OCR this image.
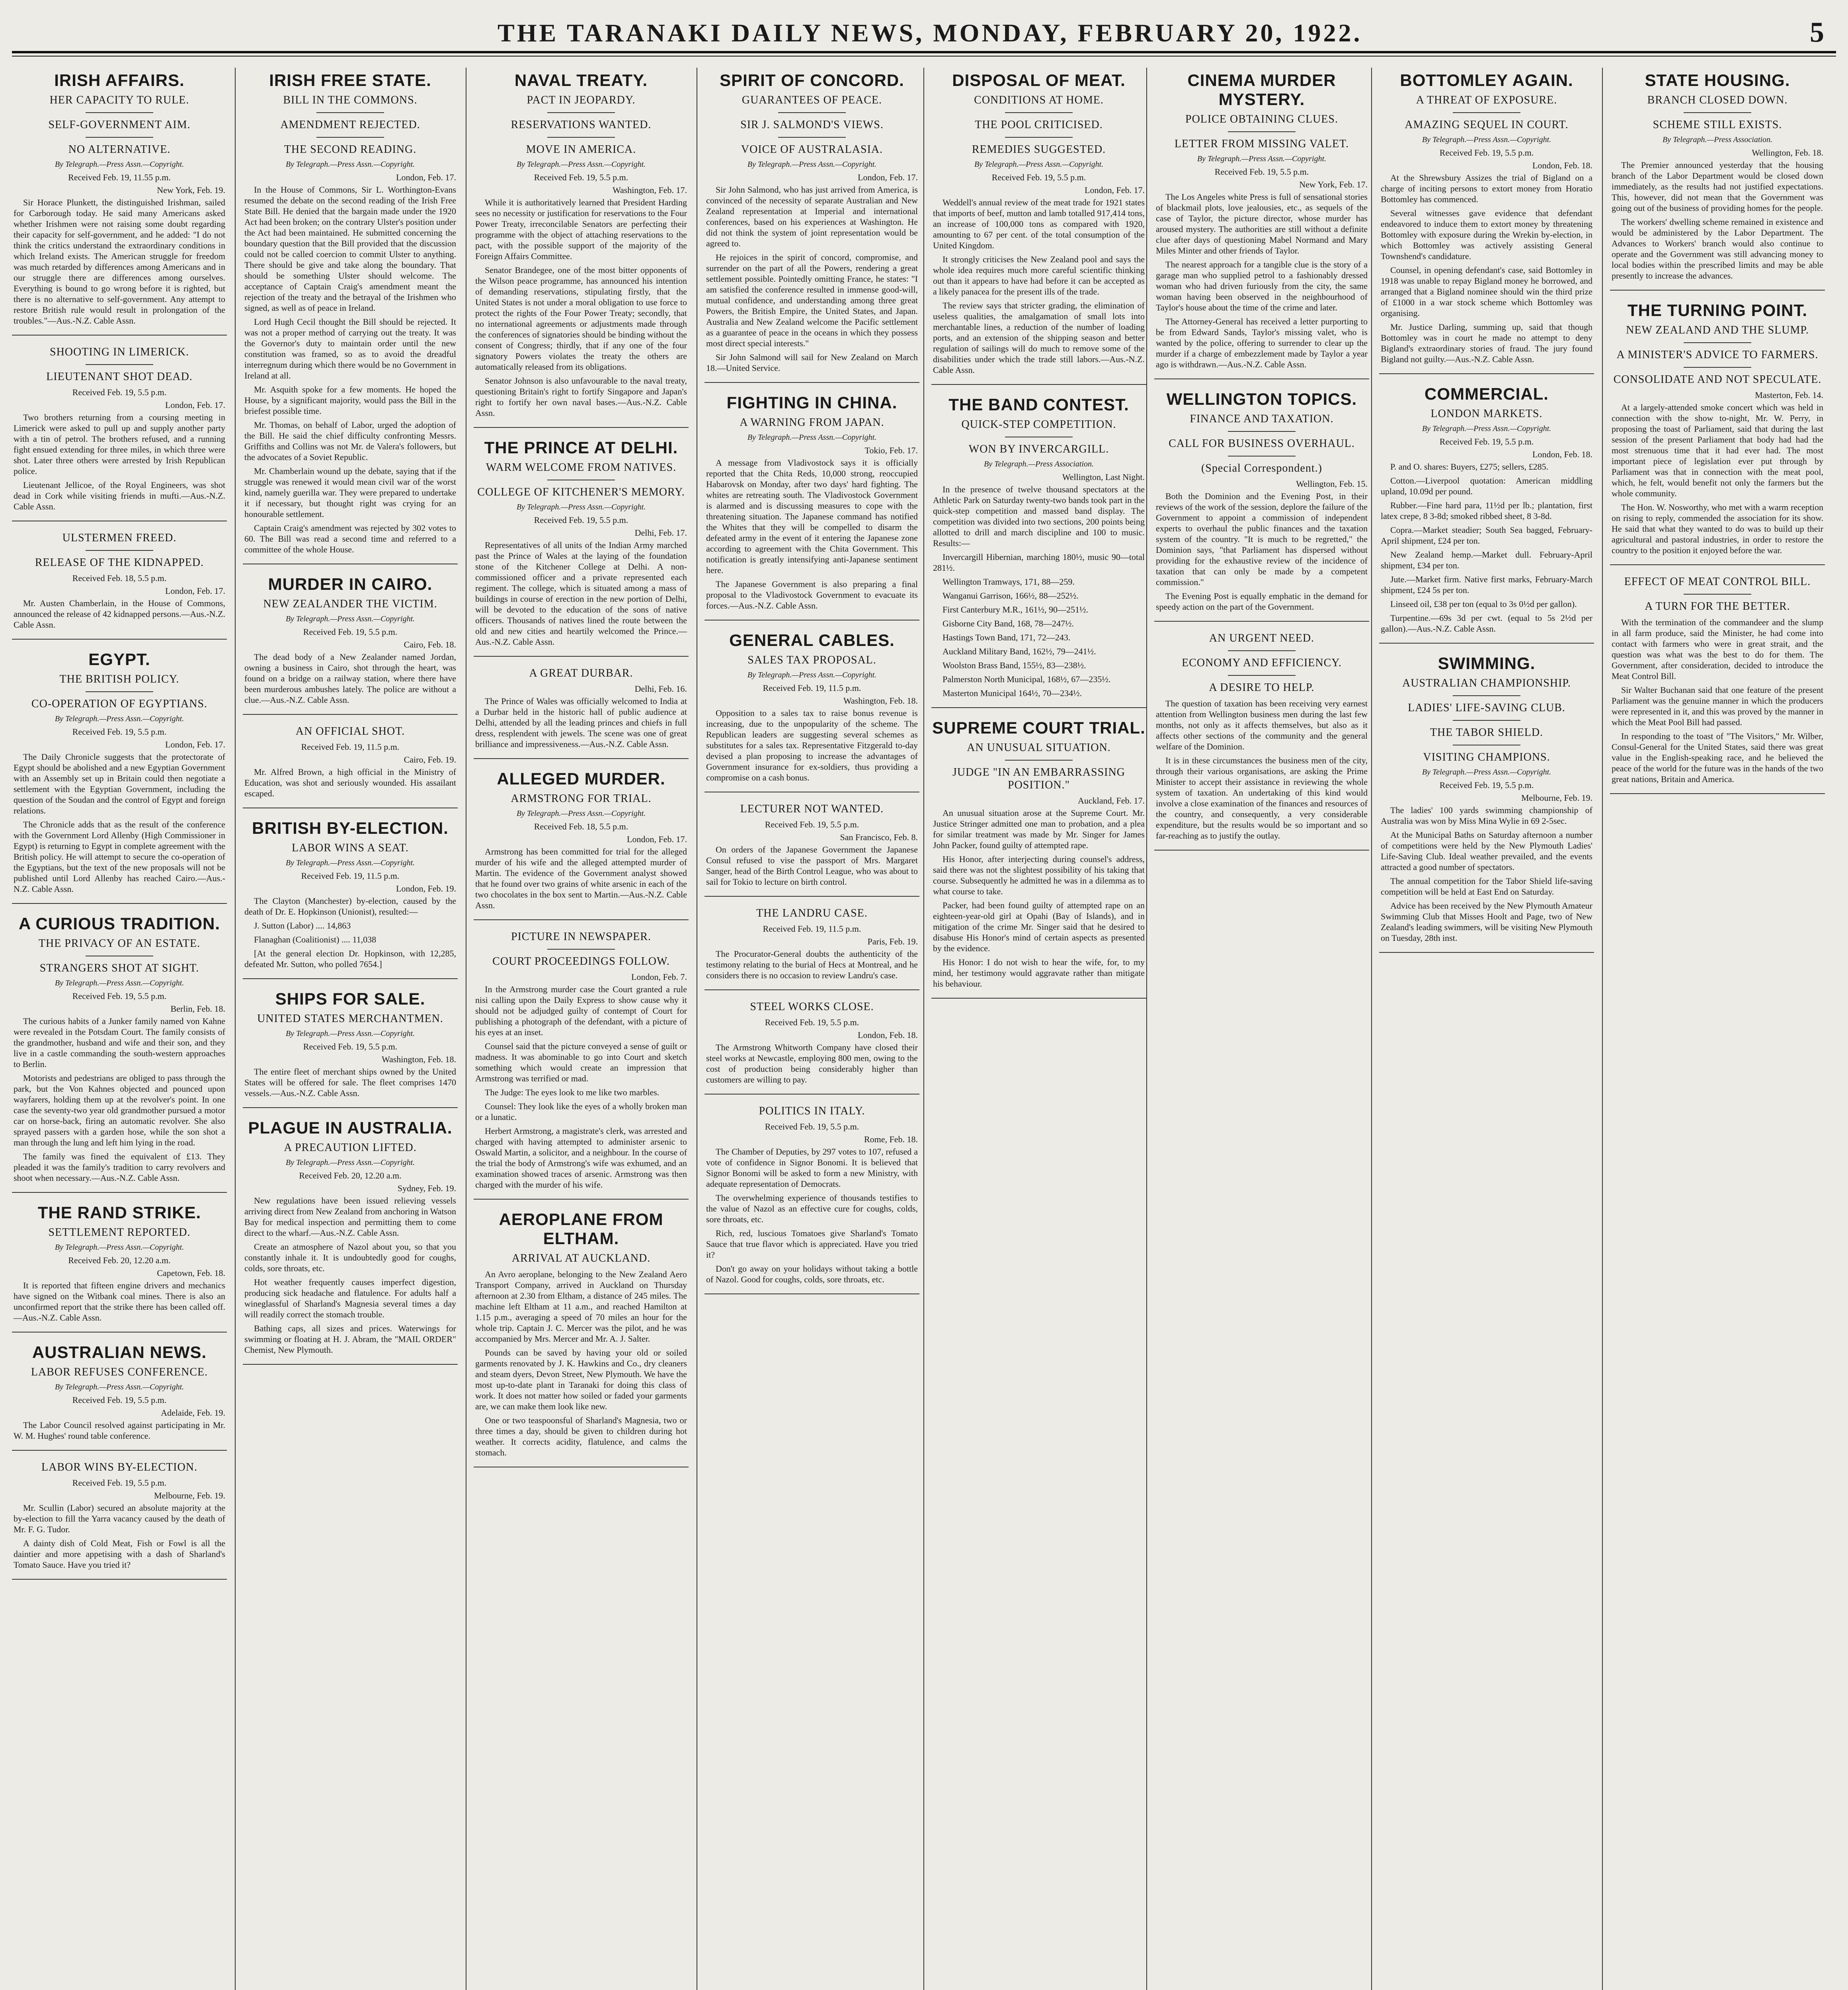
THE TARANAKI DAILY NEWS, MONDAY, FEBRUARY 20, 1922.	5
IRISH AFFAIRS.
HER CAPACITY TO RULE.
SELF-GOVERNMENT AIM.
NO ALTERNATIVE.
By Telegraph.—Press Assn.—Copyright.
Received Feb. 19, 11.55 p.m.
New York, Feb. 19.

Sir Horace Plunkett, the distinguished Irishman, sailed for Carborough today. He said many Americans asked whether Irishmen were not raising some doubt regarding their capacity for self-government, and he added: "I do not think the critics understand the extraordinary conditions in which Ireland exists. The American struggle for freedom was much retarded by differences among Americans and in our struggle there are differences among ourselves. Everything is bound to go wrong before it is righted, but there is no alternative to self-government. Any attempt to restore British rule would result in prolongation of the troubles."—Aus.-N.Z. Cable Assn.

SHOOTING IN LIMERICK.
LIEUTENANT SHOT DEAD.
Received Feb. 19, 5.5 p.m.
London, Feb. 17.

Two brothers returning from a coursing meeting in Limerick were asked to pull up and supply another party with a tin of petrol. The brothers refused, and a running fight ensued extending for three miles, in which three were shot. Later three others were arrested by Irish Republican police.

Lieutenant Jellicoe, of the Royal Engineers, was shot dead in Cork while visiting friends in mufti.—Aus.-N.Z. Cable Assn.

ULSTERMEN FREED.
RELEASE OF THE KIDNAPPED.
Received Feb. 18, 5.5 p.m.
London, Feb. 17.

Mr. Austen Chamberlain, in the House of Commons, announced the release of 42 kidnapped persons.—Aus.-N.Z. Cable Assn.

EGYPT.
THE BRITISH POLICY.
CO-OPERATION OF EGYPTIANS.
By Telegraph.—Press Assn.—Copyright.
Received Feb. 19, 5.5 p.m.
London, Feb. 17.

The Daily Chronicle suggests that the protectorate of Egypt should be abolished and a new Egyptian Government with an Assembly set up in Britain could then negotiate a settlement with the Egyptian Government, including the question of the Soudan and the control of Egypt and foreign relations.

The Chronicle adds that as the result of the conference with the Government Lord Allenby (High Commissioner in Egypt) is returning to Egypt in complete agreement with the British policy. He will attempt to secure the co-operation of the Egyptians, but the text of the new proposals will not be published until Lord Allenby has reached Cairo.—Aus.-N.Z. Cable Assn.

A CURIOUS TRADITION.
THE PRIVACY OF AN ESTATE.
STRANGERS SHOT AT SIGHT.
By Telegraph.—Press Assn.—Copyright.
Received Feb. 19, 5.5 p.m.
Berlin, Feb. 18.

The curious habits of a Junker family named von Kahne were revealed in the Potsdam Court. The family consists of the grandmother, husband and wife and their son, and they live in a castle commanding the south-western approaches to Berlin.

Motorists and pedestrians are obliged to pass through the park, but the Von Kahnes objected and pounced upon wayfarers, holding them up at the revolver's point. In one case the seventy-two year old grandmother pursued a motor car on horse-back, firing an automatic revolver. She also sprayed passers with a garden hose, while the son shot a man through the lung and left him lying in the road.

The family was fined the equivalent of £13. They pleaded it was the family's tradition to carry revolvers and shoot when necessary.—Aus.-N.Z. Cable Assn.

THE RAND STRIKE.
SETTLEMENT REPORTED.
By Telegraph.—Press Assn.—Copyright.
Received Feb. 20, 12.20 a.m.
Capetown, Feb. 18.

It is reported that fifteen engine drivers and mechanics have signed on the Witbank coal mines. There is also an unconfirmed report that the strike there has been called off.—Aus.-N.Z. Cable Assn.

AUSTRALIAN NEWS.
LABOR REFUSES CONFERENCE.
By Telegraph.—Press Assn.—Copyright.
Received Feb. 19, 5.5 p.m.
Adelaide, Feb. 19.

The Labor Council resolved against participating in Mr. W. M. Hughes' round table conference.

LABOR WINS BY-ELECTION.
Received Feb. 19, 5.5 p.m.
Melbourne, Feb. 19.

Mr. Scullin (Labor) secured an absolute majority at the by-election to fill the Yarra vacancy caused by the death of Mr. F. G. Tudor.

A dainty dish of Cold Meat, Fish or Fowl is all the daintier and more appetising with a dash of Sharland's Tomato Sauce. Have you tried it?

IRISH FREE STATE.
BILL IN THE COMMONS.
AMENDMENT REJECTED.
THE SECOND READING.
By Telegraph.—Press Assn.—Copyright.
London, Feb. 17.

In the House of Commons, Sir L. Worthington-Evans resumed the debate on the second reading of the Irish Free State Bill. He denied that the bargain made under the 1920 Act had been broken; on the contrary Ulster's position under the Act had been maintained. He submitted concerning the boundary question that the Bill provided that the discussion could not be called coercion to commit Ulster to anything. There should be give and take along the boundary. That should be something Ulster should welcome. The acceptance of Captain Craig's amendment meant the rejection of the treaty and the betrayal of the Irishmen who signed, as well as of peace in Ireland.

Lord Hugh Cecil thought the Bill should be rejected. It was not a proper method of carrying out the treaty. It was the Governor's duty to maintain order until the new constitution was framed, so as to avoid the dreadful interregnum during which there would be no Government in Ireland at all.

Mr. Asquith spoke for a few moments. He hoped the House, by a significant majority, would pass the Bill in the briefest possible time.

Mr. Thomas, on behalf of Labor, urged the adoption of the Bill. He said the chief difficulty confronting Messrs. Griffiths and Collins was not Mr. de Valera's followers, but the advocates of a Soviet Republic.

Mr. Chamberlain wound up the debate, saying that if the struggle was renewed it would mean civil war of the worst kind, namely guerilla war. They were prepared to undertake it if necessary, but thought right was crying for an honourable settlement.

Captain Craig's amendment was rejected by 302 votes to 60. The Bill was read a second time and referred to a committee of the whole House.

MURDER IN CAIRO.
NEW ZEALANDER THE VICTIM.
By Telegraph.—Press Assn.—Copyright.
Received Feb. 19, 5.5 p.m.
Cairo, Feb. 18.

The dead body of a New Zealander named Jordan, owning a business in Cairo, shot through the heart, was found on a bridge on a railway station, where there have been murderous ambushes lately. The police are without a clue.—Aus.-N.Z. Cable Assn.

AN OFFICIAL SHOT.
Received Feb. 19, 11.5 p.m.
Cairo, Feb. 19.

Mr. Alfred Brown, a high official in the Ministry of Education, was shot and seriously wounded. His assailant escaped.

BRITISH BY-ELECTION.
LABOR WINS A SEAT.
By Telegraph.—Press Assn.—Copyright.
Received Feb. 19, 11.5 p.m.
London, Feb. 19.

The Clayton (Manchester) by-election, caused by the death of Dr. E. Hopkinson (Unionist), resulted:—

J. Sutton (Labor) .... 14,863

Flanaghan (Coalitionist) .... 11,038

[At the general election Dr. Hopkinson, with 12,285, defeated Mr. Sutton, who polled 7654.]

SHIPS FOR SALE.
UNITED STATES MERCHANTMEN.
By Telegraph.—Press Assn.—Copyright.
Received Feb. 19, 5.5 p.m.
Washington, Feb. 18.

The entire fleet of merchant ships owned by the United States will be offered for sale. The fleet comprises 1470 vessels.—Aus.-N.Z. Cable Assn.

PLAGUE IN AUSTRALIA.
A PRECAUTION LIFTED.
By Telegraph.—Press Assn.—Copyright.
Received Feb. 20, 12.20 a.m.
Sydney, Feb. 19.

New regulations have been issued relieving vessels arriving direct from New Zealand from anchoring in Watson Bay for medical inspection and permitting them to come direct to the wharf.—Aus.-N.Z. Cable Assn.

Create an atmosphere of Nazol about you, so that you constantly inhale it. It is undoubtedly good for coughs, colds, sore throats, etc.

Hot weather frequently causes imperfect digestion, producing sick headache and flatulence. For adults half a wineglassful of Sharland's Magnesia several times a day will readily correct the stomach trouble.

Bathing caps, all sizes and prices. Waterwings for swimming or floating at H. J. Abram, the "MAIL ORDER" Chemist, New Plymouth.

NAVAL TREATY.
PACT IN JEOPARDY.
RESERVATIONS WANTED.
MOVE IN AMERICA.
By Telegraph.—Press Assn.—Copyright.
Received Feb. 19, 5.5 p.m.
Washington, Feb. 17.

While it is authoritatively learned that President Harding sees no necessity or justification for reservations to the Four Power Treaty, irreconcilable Senators are perfecting their programme with the object of attaching reservations to the pact, with the possible support of the majority of the Foreign Affairs Committee.

Senator Brandegee, one of the most bitter opponents of the Wilson peace programme, has announced his intention of demanding reservations, stipulating firstly, that the United States is not under a moral obligation to use force to protect the rights of the Four Power Treaty; secondly, that no international agreements or adjustments made through the conferences of signatories should be binding without the consent of Congress; thirdly, that if any one of the four signatory Powers violates the treaty the others are automatically released from its obligations.

Senator Johnson is also unfavourable to the naval treaty, questioning Britain's right to fortify Singapore and Japan's right to fortify her own naval bases.—Aus.-N.Z. Cable Assn.

THE PRINCE AT DELHI.
WARM WELCOME FROM NATIVES.
COLLEGE OF KITCHENER'S MEMORY.
By Telegraph.—Press Assn.—Copyright.
Received Feb. 19, 5.5 p.m.
Delhi, Feb. 17.

Representatives of all units of the Indian Army marched past the Prince of Wales at the laying of the foundation stone of the Kitchener College at Delhi. A non-commissioned officer and a private represented each regiment. The college, which is situated among a mass of buildings in course of erection in the new portion of Delhi, will be devoted to the education of the sons of native officers. Thousands of natives lined the route between the old and new cities and heartily welcomed the Prince.—Aus.-N.Z. Cable Assn.

A GREAT DURBAR.
Delhi, Feb. 16.

The Prince of Wales was officially welcomed to India at a Durbar held in the historic hall of public audience at Delhi, attended by all the leading princes and chiefs in full dress, resplendent with jewels. The scene was one of great brilliance and impressiveness.—Aus.-N.Z. Cable Assn.

ALLEGED MURDER.
ARMSTRONG FOR TRIAL.
By Telegraph.—Press Assn.—Copyright.
Received Feb. 18, 5.5 p.m.
London, Feb. 17.

Armstrong has been committed for trial for the alleged murder of his wife and the alleged attempted murder of Martin. The evidence of the Government analyst showed that he found over two grains of white arsenic in each of the two chocolates in the box sent to Martin.—Aus.-N.Z. Cable Assn.

PICTURE IN NEWSPAPER.
COURT PROCEEDINGS FOLLOW.
London, Feb. 7.

In the Armstrong murder case the Court granted a rule nisi calling upon the Daily Express to show cause why it should not be adjudged guilty of contempt of Court for publishing a photograph of the defendant, with a picture of his eyes at an inset.

Counsel said that the picture conveyed a sense of guilt or madness. It was abominable to go into Court and sketch something which would create an impression that Armstrong was terrified or mad.

The Judge: The eyes look to me like two marbles.

Counsel: They look like the eyes of a wholly broken man or a lunatic.

Herbert Armstrong, a magistrate's clerk, was arrested and charged with having attempted to administer arsenic to Oswald Martin, a solicitor, and a neighbour. In the course of the trial the body of Armstrong's wife was exhumed, and an examination showed traces of arsenic. Armstrong was then charged with the murder of his wife.

AEROPLANE FROM ELTHAM.
ARRIVAL AT AUCKLAND.

An Avro aeroplane, belonging to the New Zealand Aero Transport Company, arrived in Auckland on Thursday afternoon at 2.30 from Eltham, a distance of 245 miles. The machine left Eltham at 11 a.m., and reached Hamilton at 1.15 p.m., averaging a speed of 70 miles an hour for the whole trip. Captain J. C. Mercer was the pilot, and he was accompanied by Mrs. Mercer and Mr. A. J. Salter.

Pounds can be saved by having your old or soiled garments renovated by J. K. Hawkins and Co., dry cleaners and steam dyers, Devon Street, New Plymouth. We have the most up-to-date plant in Taranaki for doing this class of work. It does not matter how soiled or faded your garments are, we can make them look like new.

One or two teaspoonsful of Sharland's Magnesia, two or three times a day, should be given to children during hot weather. It corrects acidity, flatulence, and calms the stomach.

SPIRIT OF CONCORD.
GUARANTEES OF PEACE.
SIR J. SALMOND'S VIEWS.
VOICE OF AUSTRALASIA.
By Telegraph.—Press Assn.—Copyright.
London, Feb. 17.

Sir John Salmond, who has just arrived from America, is convinced of the necessity of separate Australian and New Zealand representation at Imperial and international conferences, based on his experiences at Washington. He did not think the system of joint representation would be agreed to.

He rejoices in the spirit of concord, compromise, and surrender on the part of all the Powers, rendering a great settlement possible. Pointedly omitting France, he states: "I am satisfied the conference resulted in immense good-will, mutual confidence, and understanding among three great Powers, the British Empire, the United States, and Japan. Australia and New Zealand welcome the Pacific settlement as a guarantee of peace in the oceans in which they possess most direct special interests."

Sir John Salmond will sail for New Zealand on March 18.—United Service.

FIGHTING IN CHINA.
A WARNING FROM JAPAN.
By Telegraph.—Press Assn.—Copyright.
Tokio, Feb. 17.

A message from Vladivostock says it is officially reported that the Chita Reds, 10,000 strong, reoccupied Habarovsk on Monday, after two days' hard fighting. The whites are retreating south. The Vladivostock Government is alarmed and is discussing measures to cope with the threatening situation. The Japanese command has notified the Whites that they will be compelled to disarm the defeated army in the event of it entering the Japanese zone according to agreement with the Chita Government. This notification is greatly intensifying anti-Japanese sentiment here.

The Japanese Government is also preparing a final proposal to the Vladivostock Government to evacuate its forces.—Aus.-N.Z. Cable Assn.

GENERAL CABLES.
SALES TAX PROPOSAL.
By Telegraph.—Press Assn.—Copyright.
Received Feb. 19, 11.5 p.m.
Washington, Feb. 18.

Opposition to a sales tax to raise bonus revenue is increasing, due to the unpopularity of the scheme. The Republican leaders are suggesting several schemes as substitutes for a sales tax. Representative Fitzgerald to-day devised a plan proposing to increase the advantages of Government insurance for ex-soldiers, thus providing a compromise on a cash bonus.

LECTURER NOT WANTED.
Received Feb. 19, 5.5 p.m.
San Francisco, Feb. 8.

On orders of the Japanese Government the Japanese Consul refused to vise the passport of Mrs. Margaret Sanger, head of the Birth Control League, who was about to sail for Tokio to lecture on birth control.

THE LANDRU CASE.
Received Feb. 19, 11.5 p.m.
Paris, Feb. 19.

The Procurator-General doubts the authenticity of the testimony relating to the burial of Hecs at Montreal, and he considers there is no occasion to review Landru's case.

STEEL WORKS CLOSE.
Received Feb. 19, 5.5 p.m.
London, Feb. 18.

The Armstrong Whitworth Company have closed their steel works at Newcastle, employing 800 men, owing to the cost of production being considerably higher than customers are willing to pay.

POLITICS IN ITALY.
Received Feb. 19, 5.5 p.m.
Rome, Feb. 18.

The Chamber of Deputies, by 297 votes to 107, refused a vote of confidence in Signor Bonomi. It is believed that Signor Bonomi will be asked to form a new Ministry, with adequate representation of Democrats.

The overwhelming experience of thousands testifies to the value of Nazol as an effective cure for coughs, colds, sore throats, etc.

Rich, red, luscious Tomatoes give Sharland's Tomato Sauce that true flavor which is appreciated. Have you tried it?

Don't go away on your holidays without taking a bottle of Nazol. Good for coughs, colds, sore throats, etc.

DISPOSAL OF MEAT.
CONDITIONS AT HOME.
THE POOL CRITICISED.
REMEDIES SUGGESTED.
By Telegraph.—Press Assn.—Copyright.
Received Feb. 19, 5.5 p.m.
London, Feb. 17.

Weddell's annual review of the meat trade for 1921 states that imports of beef, mutton and lamb totalled 917,414 tons, an increase of 100,000 tons as compared with 1920, amounting to 67 per cent. of the total consumption of the United Kingdom.

It strongly criticises the New Zealand pool and says the whole idea requires much more careful scientific thinking out than it appears to have had before it can be accepted as a likely panacea for the present ills of the trade.

The review says that stricter grading, the elimination of useless qualities, the amalgamation of small lots into merchantable lines, a reduction of the number of loading ports, and an extension of the shipping season and better regulation of sailings will do much to remove some of the disabilities under which the trade still labors.—Aus.-N.Z. Cable Assn.

THE BAND CONTEST.
QUICK-STEP COMPETITION.
WON BY INVERCARGILL.
By Telegraph.—Press Association.
Wellington, Last Night.

In the presence of twelve thousand spectators at the Athletic Park on Saturday twenty-two bands took part in the quick-step competition and massed band display. The competition was divided into two sections, 200 points being allotted to drill and march discipline and 100 to music. Results:—

Invercargill Hibernian, marching 180½, music 90—total 281½.

Wellington Tramways, 171, 88—259.

Wanganui Garrison, 166½, 88—252½.

First Canterbury M.R., 161½, 90—251½.

Gisborne City Band, 168, 78—247½.

Hastings Town Band, 171, 72—243.

Auckland Military Band, 162½, 79—241½.

Woolston Brass Band, 155½, 83—238½.

Palmerston North Municipal, 168½, 67—235½.

Masterton Municipal 164½, 70—234½.

SUPREME COURT TRIAL.
AN UNUSUAL SITUATION.
JUDGE "IN AN EMBARRASSING POSITION."
Auckland, Feb. 17.

An unusual situation arose at the Supreme Court. Mr. Justice Stringer admitted one man to probation, and a plea for similar treatment was made by Mr. Singer for James John Packer, found guilty of attempted rape.

His Honor, after interjecting during counsel's address, said there was not the slightest possibility of his taking that course. Subsequently he admitted he was in a dilemma as to what course to take.

Packer, had been found guilty of attempted rape on an eighteen-year-old girl at Opahi (Bay of Islands), and in mitigation of the crime Mr. Singer said that he desired to disabuse His Honor's mind of certain aspects as presented by the evidence.

His Honor: I do not wish to hear the wife, for, to my mind, her testimony would aggravate rather than mitigate his behaviour.

CINEMA MURDER MYSTERY.
POLICE OBTAINING CLUES.
LETTER FROM MISSING VALET.
By Telegraph.—Press Assn.—Copyright.
Received Feb. 19, 5.5 p.m.
New York, Feb. 17.

The Los Angeles white Press is full of sensational stories of blackmail plots, love jealousies, etc., as sequels of the case of Taylor, the picture director, whose murder has aroused mystery. The authorities are still without a definite clue after days of questioning Mabel Normand and Mary Miles Minter and other friends of Taylor.

The nearest approach for a tangible clue is the story of a garage man who supplied petrol to a fashionably dressed woman who had driven furiously from the city, the same woman having been observed in the neighbourhood of Taylor's house about the time of the crime and later.

The Attorney-General has received a letter purporting to be from Edward Sands, Taylor's missing valet, who is wanted by the police, offering to surrender to clear up the murder if a charge of embezzlement made by Taylor a year ago is withdrawn.—Aus.-N.Z. Cable Assn.

WELLINGTON TOPICS.
FINANCE AND TAXATION.
CALL FOR BUSINESS OVERHAUL.
(Special Correspondent.)
Wellington, Feb. 15.

Both the Dominion and the Evening Post, in their reviews of the work of the session, deplore the failure of the Government to appoint a commission of independent experts to overhaul the public finances and the taxation system of the country. "It is much to be regretted," the Dominion says, "that Parliament has dispersed without providing for the exhaustive review of the incidence of taxation that can only be made by a competent commission."

The Evening Post is equally emphatic in the demand for speedy action on the part of the Government.

AN URGENT NEED.
ECONOMY AND EFFICIENCY.
A DESIRE TO HELP.

The question of taxation has been receiving very earnest attention from Wellington business men during the last few months, not only as it affects themselves, but also as it affects other sections of the community and the general welfare of the Dominion.

It is in these circumstances the business men of the city, through their various organisations, are asking the Prime Minister to accept their assistance in reviewing the whole system of taxation. An undertaking of this kind would involve a close examination of the finances and resources of the country, and consequently, a very considerable expenditure, but the results would be so important and so far-reaching as to justify the outlay.

BOTTOMLEY AGAIN.
A THREAT OF EXPOSURE.
AMAZING SEQUEL IN COURT.
By Telegraph.—Press Assn.—Copyright.
Received Feb. 19, 5.5 p.m.
London, Feb. 18.

At the Shrewsbury Assizes the trial of Bigland on a charge of inciting persons to extort money from Horatio Bottomley has commenced.

Several witnesses gave evidence that defendant endeavored to induce them to extort money by threatening Bottomley with exposure during the Wrekin by-election, in which Bottomley was actively assisting General Townshend's candidature.

Counsel, in opening defendant's case, said Bottomley in 1918 was unable to repay Bigland money he borrowed, and arranged that a Bigland nominee should win the third prize of £1000 in a war stock scheme which Bottomley was organising.

Mr. Justice Darling, summing up, said that though Bottomley was in court he made no attempt to deny Bigland's extraordinary stories of fraud. The jury found Bigland not guilty.—Aus.-N.Z. Cable Assn.

COMMERCIAL.
LONDON MARKETS.
By Telegraph.—Press Assn.—Copyright.
Received Feb. 19, 5.5 p.m.
London, Feb. 18.

P. and O. shares: Buyers, £275; sellers, £285.

Cotton.—Liverpool quotation: American middling upland, 10.09d per pound.

Rubber.—Fine hard para, 11½d per lb.; plantation, first latex crepe, 8 3-8d; smoked ribbed sheet, 8 3-8d.

Copra.—Market steadier; South Sea bagged, February-April shipment, £24 per ton.

New Zealand hemp.—Market dull. February-April shipment, £34 per ton.

Jute.—Market firm. Native first marks, February-March shipment, £24 5s per ton.

Linseed oil, £38 per ton (equal to 3s 0½d per gallon).

Turpentine.—69s 3d per cwt. (equal to 5s 2½d per gallon).—Aus.-N.Z. Cable Assn.

SWIMMING.
AUSTRALIAN CHAMPIONSHIP.
LADIES' LIFE-SAVING CLUB.
THE TABOR SHIELD.
VISITING CHAMPIONS.
By Telegraph.—Press Assn.—Copyright.
Received Feb. 19, 5.5 p.m.
Melbourne, Feb. 19.

The ladies' 100 yards swimming championship of Australia was won by Miss Mina Wylie in 69 2-5sec.

At the Municipal Baths on Saturday afternoon a number of competitions were held by the New Plymouth Ladies' Life-Saving Club. Ideal weather prevailed, and the events attracted a good number of spectators.

The annual competition for the Tabor Shield life-saving competition will be held at East End on Saturday.

Advice has been received by the New Plymouth Amateur Swimming Club that Misses Hoolt and Page, two of New Zealand's leading swimmers, will be visiting New Plymouth on Tuesday, 28th inst.

STATE HOUSING.
BRANCH CLOSED DOWN.
SCHEME STILL EXISTS.
By Telegraph.—Press Association.
Wellington, Feb. 18.

The Premier announced yesterday that the housing branch of the Labor Department would be closed down immediately, as the results had not justified expectations. This, however, did not mean that the Government was going out of the business of providing homes for the people.

The workers' dwelling scheme remained in existence and would be administered by the Labor Department. The Advances to Workers' branch would also continue to operate and the Government was still advancing money to local bodies within the prescribed limits and may be able presently to increase the advances.

THE TURNING POINT.
NEW ZEALAND AND THE SLUMP.
A MINISTER'S ADVICE TO FARMERS.
CONSOLIDATE AND NOT SPECULATE.
Masterton, Feb. 14.

At a largely-attended smoke concert which was held in connection with the show to-night, Mr. W. Perry, in proposing the toast of Parliament, said that during the last session of the present Parliament that body had had the most strenuous time that it had ever had. The most important piece of legislation ever put through by Parliament was that in connection with the meat pool, which, he felt, would benefit not only the farmers but the whole community.

The Hon. W. Nosworthy, who met with a warm reception on rising to reply, commended the association for its show. He said that what they wanted to do was to build up their agricultural and pastoral industries, in order to restore the country to the position it enjoyed before the war.

EFFECT OF MEAT CONTROL BILL.
A TURN FOR THE BETTER.

With the termination of the commandeer and the slump in all farm produce, said the Minister, he had come into contact with farmers who were in great strait, and the question was what was the best to do for them. The Government, after consideration, decided to introduce the Meat Control Bill.

Sir Walter Buchanan said that one feature of the present Parliament was the genuine manner in which the producers were represented in it, and this was proved by the manner in which the Meat Pool Bill had passed.

In responding to the toast of "The Visitors," Mr. Wilber, Consul-General for the United States, said there was great value in the English-speaking race, and he believed the peace of the world for the future was in the hands of the two great nations, Britain and America.
